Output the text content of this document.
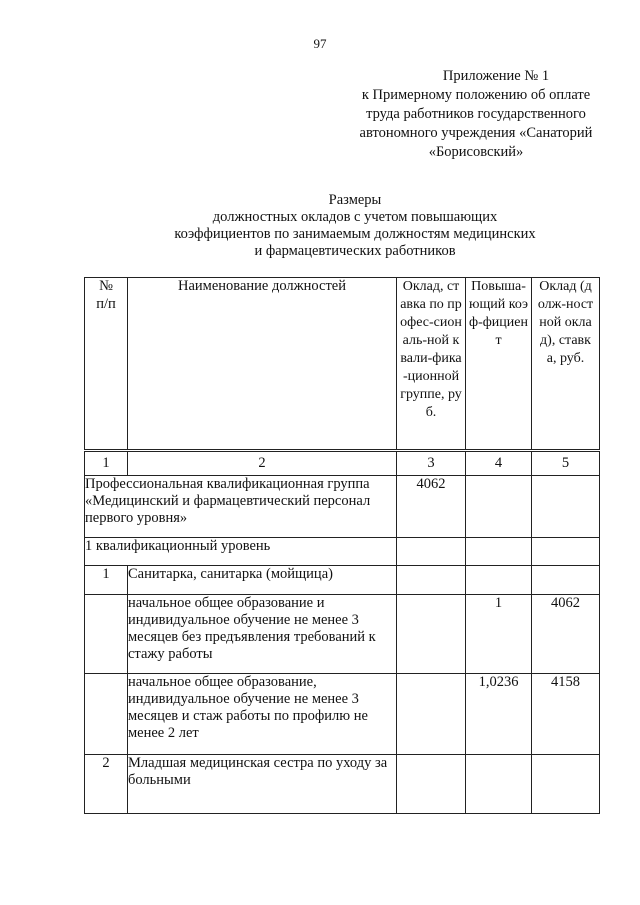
97
Приложение № 1
к Примерному положению об оплате
труда работников государственного
автономного учреждения «Санаторий
«Борисовский»
Размеры
должностных окладов с учетом повышающих
коэффициентов по занимаемым должностям медицинских
и фармацевтических работников
№ п/п	Наименование должностей	Оклад, ставка по профес-сиональ-ной квали-фика-ционной группе, руб.	Повыша-ющий коэф-фициент	Оклад (долж-ностной оклад), ставка, руб.

1	2	3	4	5
Профессиональная квалификационная группа «Медицинский и фармацевтический персонал первого уровня»		4062		
1 квалификационный уровень				
1	Санитарка, санитарка (мойщица)			
	начальное общее образование и индивидуальное обучение не менее 3 месяцев без предъявления требований к стажу работы		1	4062
	начальное общее образование, индивидуальное обучение не менее 3 месяцев и стаж работы по профилю не менее 2 лет		1,0236	4158
2	Младшая медицинская сестра по уходу за больными			
